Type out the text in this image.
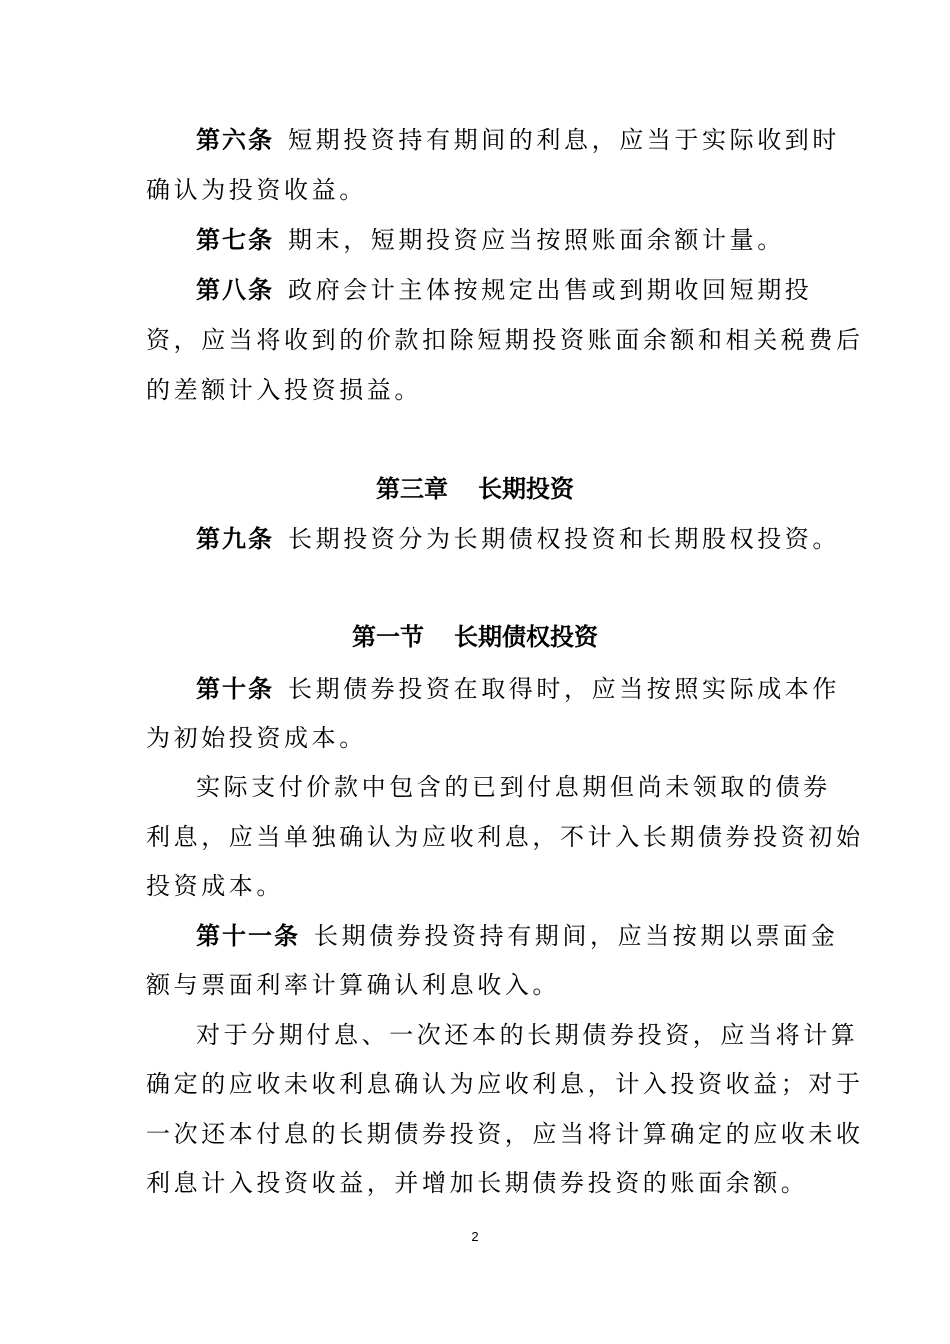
第六条 短期投资持有期间的利息，应当于实际收到时
确认为投资收益。
第七条 期末，短期投资应当按照账面余额计量。
第八条 政府会计主体按规定出售或到期收回短期投
资，应当将收到的价款扣除短期投资账面余额和相关税费后
的差额计入投资损益。
第三章 长期投资
第九条 长期投资分为长期债权投资和长期股权投资。
第一节 长期债权投资
第十条 长期债券投资在取得时，应当按照实际成本作
为初始投资成本。
实际支付价款中包含的已到付息期但尚未领取的债券
利息，应当单独确认为应收利息，不计入长期债券投资初始
投资成本。
第十一条 长期债券投资持有期间，应当按期以票面金
额与票面利率计算确认利息收入。
对于分期付息、一次还本的长期债券投资，应当将计算
确定的应收未收利息确认为应收利息，计入投资收益；对于
一次还本付息的长期债券投资，应当将计算确定的应收未收
利息计入投资收益，并增加长期债券投资的账面余额。
2
